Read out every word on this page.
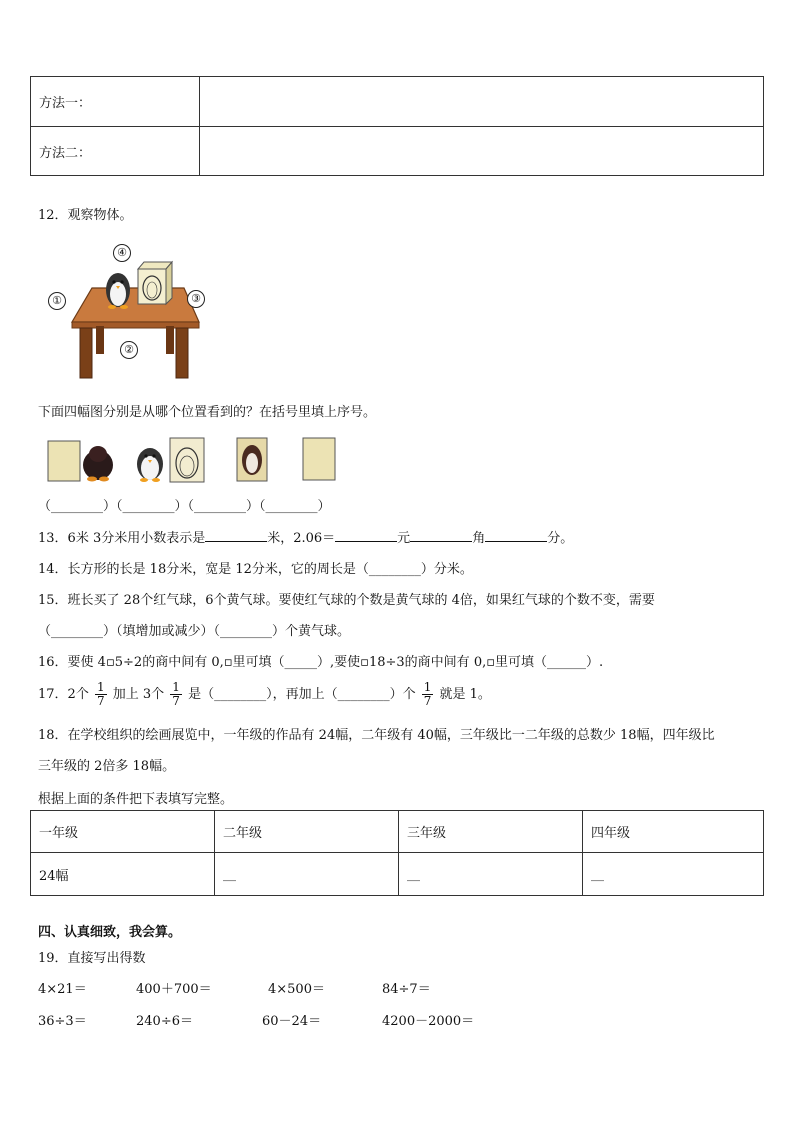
方法一：	
方法二：	
12．观察物体。
④
①	③
②
下面四幅图分别是从哪个位置看到的？在括号里填上序号。
（________）（________）（________）（________）
13．6米 3分米用小数表示是	米，2.06＝	元	角	分。
14．长方形的长是 18分米，宽是 12分米，它的周长是（________）分米。
15．班长买了 28个红气球，6个黄气球。要使红气球的个数是黄气球的 4倍，如果红气球的个数不变，需要
（________）（填增加或减少）（________）个黄气球。
16．要使 4▫5÷2的商中间有 0,▫里可填（_____）,要使▫18÷3的商中间有 0,▫里可填（______）.
17．2个 $\frac{1}{7}$ 加上 3个 $\frac{1}{7}$ 是（________），再加上（________）个 $\frac{1}{7}$ 就是 1。
18．在学校组织的绘画展览中，一年级的作品有 24幅，二年级有 40幅，三年级比一二年级的总数少 18幅，四年级比
三年级的 2倍多 18幅。
根据上面的条件把下表填写完整。
一年级	二年级	三年级	四年级
24幅	__	__	__
四、认真细致，我会算。
19．直接写出得数
4×21＝	400＋700＝	4×500＝	84÷7＝
36÷3＝	240÷6＝	60－24＝	4200－2000＝
